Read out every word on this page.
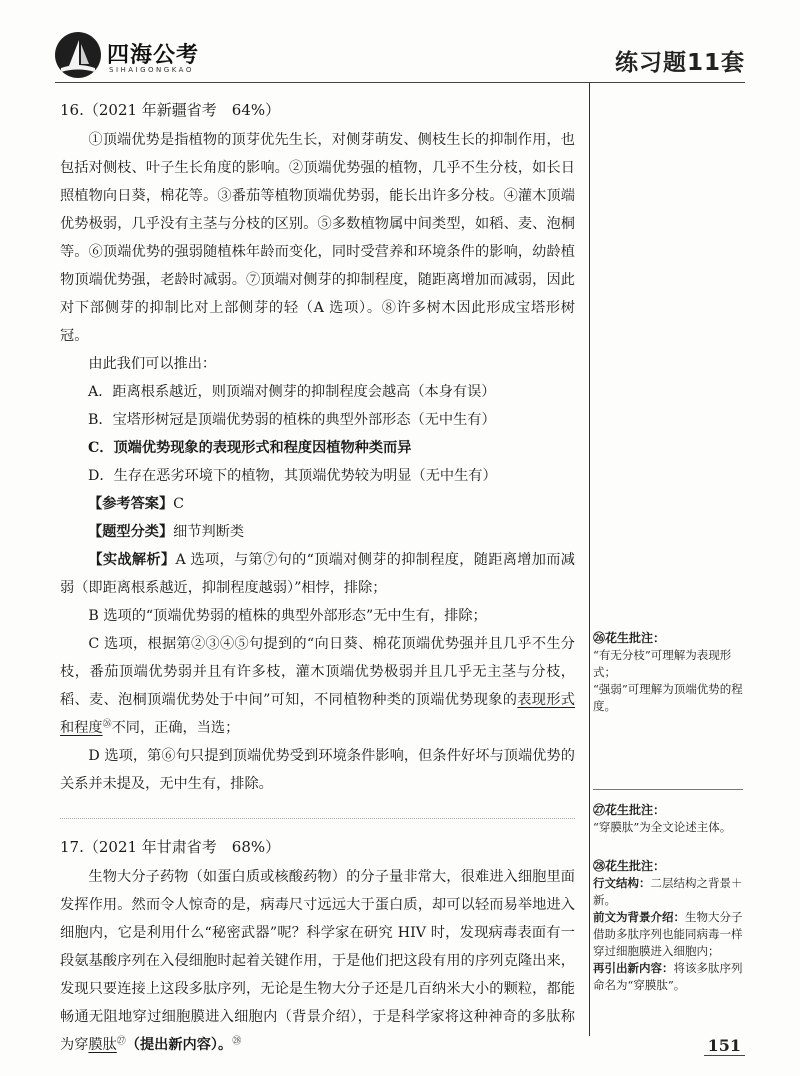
四海公考
SIHAIGONGKAO	练习题11套
16.（2021 年新疆省考　64%）

①顶端优势是指植物的顶芽优先生长，对侧芽萌发、侧枝生长的抑制作用，也包括对侧枝、叶子生长角度的影响。②顶端优势强的植物，几乎不生分枝，如长日照植物向日葵，棉花等。③番茄等植物顶端优势弱，能长出许多分枝。④灌木顶端优势极弱，几乎没有主茎与分枝的区别。⑤多数植物属中间类型，如稻、麦、泡桐等。⑥顶端优势的强弱随植株年龄而变化，同时受营养和环境条件的影响，幼龄植物顶端优势强，老龄时减弱。⑦顶端对侧芽的抑制程度，随距离增加而减弱，因此对下部侧芽的抑制比对上部侧芽的轻（A 选项）。⑧许多树木因此形成宝塔形树冠。

由此我们可以推出：

A．距离根系越近，则顶端对侧芽的抑制程度会越高（本身有误）
B．宝塔形树冠是顶端优势弱的植株的典型外部形态（无中生有）
C．顶端优势现象的表现形式和程度因植物种类而异
D．生存在恶劣环境下的植物，其顶端优势较为明显（无中生有）
【参考答案】C
【题型分类】细节判断类

【实战解析】A 选项，与第⑦句的“顶端对侧芽的抑制程度，随距离增加而减弱（即距离根系越近，抑制程度越弱）”相悖，排除；

B 选项的“顶端优势弱的植株的典型外部形态”无中生有，排除；

C 选项，根据第②③④⑤句提到的“向日葵、棉花顶端优势强并且几乎不生分枝，番茄顶端优势弱并且有许多枝，灌木顶端优势极弱并且几乎无主茎与分枝，稻、麦、泡桐顶端优势处于中间”可知，不同植物种类的顶端优势现象的表现形式和程度$^㉖$不同，正确，当选；

D 选项，第⑥句只提到顶端优势受到环境条件影响，但条件好坏与顶端优势的关系并未提及，无中生有，排除。

17.（2021 年甘肃省考　68%）

生物大分子药物（如蛋白质或核酸药物）的分子量非常大，很难进入细胞里面发挥作用。然而令人惊奇的是，病毒尺寸远远大于蛋白质，却可以轻而易举地进入细胞内，它是利用什么“秘密武器”呢？科学家在研究 HIV 时，发现病毒表面有一段氨基酸序列在入侵细胞时起着关键作用，于是他们把这段有用的序列克隆出来，发现只要连接上这段多肽序列，无论是生物大分子还是几百纳米大小的颗粒，都能畅通无阻地穿过细胞膜进入细胞内（背景介绍），于是科学家将这种神奇的多肽称为穿膜肽$^㉗$（提出新内容）。$^㉘$

㉖花生批注：
“有无分枝”可理解为表现形式；
“强弱”可理解为顶端优势的程度。
㉗花生批注：
“穿膜肽”为全文论述主体。
㉘花生批注：
行文结构：二层结构之背景＋新。
前文为背景介绍：生物大分子借助多肽序列也能同病毒一样穿过细胞膜进入细胞内；
再引出新内容：将该多肽序列命名为“穿膜肽”。
151
